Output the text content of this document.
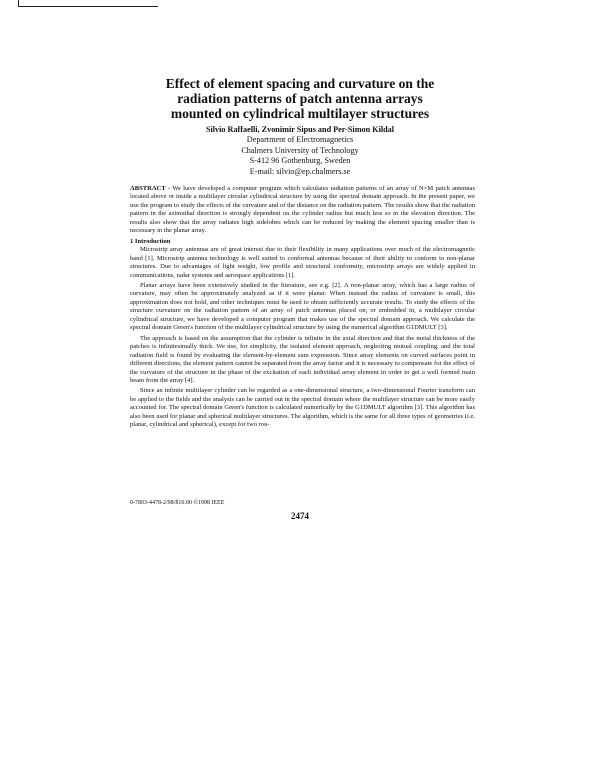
Effect of element spacing and curvature on the
radiation patterns of patch antenna arrays
mounted on cylindrical multilayer structures
Silvio Raffaelli, Zvonimir Sipus and Per-Simon Kildal
Department of Electromagnetics
Chalmers University of Technology
S-412 96 Gothenburg, Sweden
E-mail: silvio@ep.chalmers.se

ABSTRACT - We have developed a computer program which calculates radiation patterns of an array of N×M patch antennas located above or inside a multilayer circular cylindrical structure by using the spectral domain approach. In the present paper, we use the program to study the effects of the curvature and of the distance on the radiation pattern. The results show that the radiation pattern in the azimuthal direction is strongly dependent on the cylinder radius but much less so in the elevation direction. The results also show that the array radiates high sidelobes which can be reduced by making the element spacing smaller than is necessary in the planar array.

1 Introduction

Microstrip array antennas are of great interest due to their flexibility in many applications over much of the electromagnetic band [1]. Microstrip antenna technology is well suited to conformal antennas because of their ability to conform to non-planar structures. Due to advantages of light weight, low profile and structural conformity, microstrip arrays are widely applied in communications, radar systems and aerospace applications [1].

Planar arrays have been extensively studied in the literature, see e.g. [2]. A non-planar array, which has a large radius of curvature, may often be approximately analyzed as if it were planar. When instead the radius of curvature is small, this approximation does not hold, and other techniques must be used to obtain sufficiently accurate results. To study the effects of the structure curvature on the radiation pattern of an array of patch antennas placed on, or embedded in, a multilayer circular cylindrical structure, we have developed a computer program that makes use of the spectral domain approach. We calculate the spectral domain Green's function of the multilayer cylindrical structure by using the numerical algorithm G1DMULT [3].

The approach is based on the assumption that the cylinder is infinite in the axial direction and that the metal thickness of the patches is infinitesimally thick. We use, for simplicity, the isolated element approach, neglecting mutual coupling, and the total radiation field is found by evaluating the element-by-element sum expression. Since array elements on curved surfaces point in different directions, the element pattern cannot be separated from the array factor and it is necessary to compensate for the effect of the curvature of the structure in the phase of the excitation of each individual array element in order to get a well formed main beam from the array [4].

Since an infinite multilayer cylinder can be regarded as a one-dimensional structure, a two-dimensional Fourier transform can be applied to the fields and the analysis can be carried out in the spectral domain where the multilayer structure can be more easily accounted for. The spectral domain Green's function is calculated numerically by the G1DMULT algorithm [3]. This algorithm has also been used for planar and spherical multilayer structures. The algorithm, which is the same for all three types of geometries (i.e. planar, cylindrical and spherical), except for two rou-

0-7803-4478-2/98/$10.00 ©1998 IEEE
2474
